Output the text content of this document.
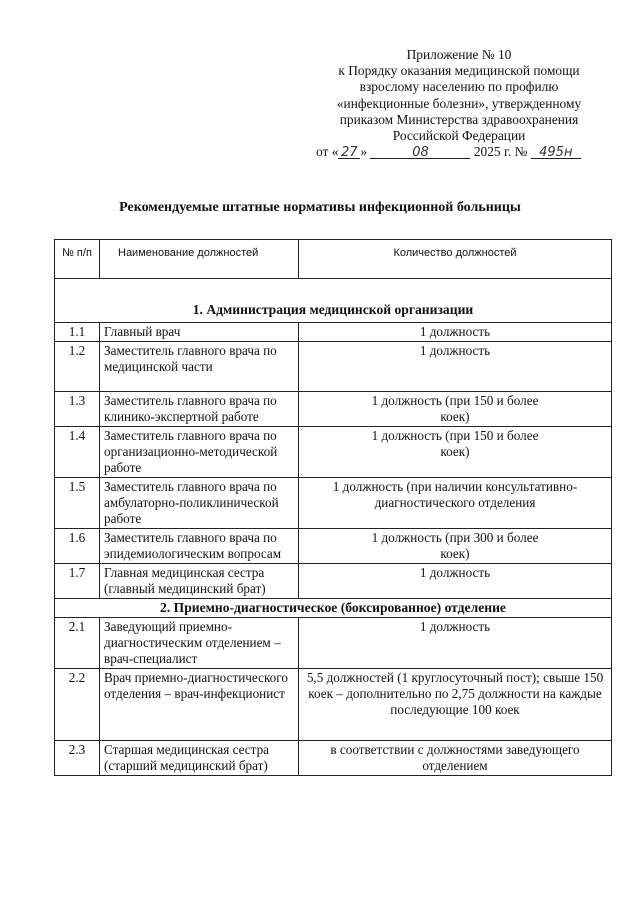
Приложение № 10
к Порядку оказания медицинской помощи
взрослому населению по профилю
«инфекционные болезни», утвержденному
приказом Министерства здравоохранения
Российской Федерации
от « 27 »	08	2025 г. № 495н
Рекомендуемые штатные нормативы инфекционной больницы
№ п/п	Наименование должностей	Количество должностей
1. Администрация медицинской организации		
1.1	Главный врач	1 должность
1.2	Заместитель главного врача по медицинской части	1 должность
1.3	Заместитель главного врача по клинико-экспертной работе	1 должность (при 150 и более коек)
1.4	Заместитель главного врача по организационно-методической работе	1 должность (при 150 и более коек)
1.5	Заместитель главного врача по амбулаторно-поликлинической работе	1 должность (при наличии консультативно-диагностического отделения
1.6	Заместитель главного врача по эпидемиологическим вопросам	1 должность (при 300 и более коек)
1.7	Главная медицинская сестра (главный медицинский брат)	1 должность
2. Приемно-диагностическое (боксированное) отделение		
2.1	Заведующий приемно-диагностическим отделением – врач-специалист	1 должность
2.2	Врач приемно-диагностического отделения – врач-инфекционист	5,5 должностей (1 круглосуточный пост); свыше 150 коек – дополнительно по 2,75 должности на каждые последующие 100 коек
2.3	Старшая медицинская сестра (старший медицинский брат)	в соответствии с должностями заведующего отделением
